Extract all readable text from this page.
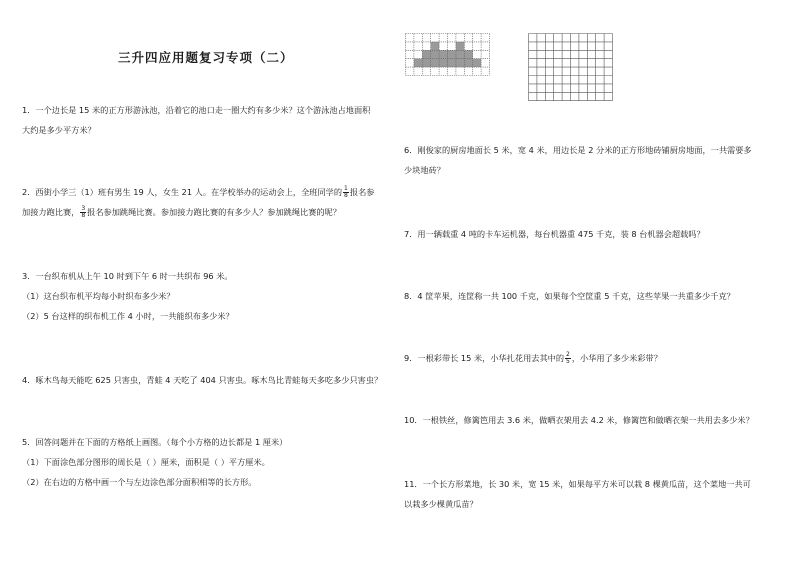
三升四应用题复习专项（二）
1．一个边长是 15 米的正方形游泳池，沿着它的池口走一圈大约有多少米？这个游泳池占地面积
大约是多少平方米？
2．西街小学三（1）班有男生 19 人，女生 21 人。在学校举办的运动会上，全班同学的 $\frac{1}{8}$ 报名参
加接力跑比赛， $\frac{3}{8}$ 报名参加跳绳比赛。参加接力跑比赛的有多少人？参加跳绳比赛的呢？
3．一台织布机从上午 10 时到下午 6 时一共织布 96 米。
（1）这台织布机平均每小时织布多少米？
（2）5 台这样的织布机工作 4 小时，一共能织布多少米？
4．啄木鸟每天能吃 625 只害虫，青蛙 4 天吃了 404 只害虫。啄木鸟比青蛙每天多吃多少只害虫？
5．回答问题并在下面的方格纸上画图。（每个小方格的边长都是 1 厘米）
（1）下面涂色部分图形的周长是（ ）厘米，面积是（ ）平方厘米。
（2）在右边的方格中画一个与左边涂色部分面积相等的长方形。
6．刚俊家的厨房地面长 5 米，宽 4 米，用边长是 2 分米的正方形地砖铺厨房地面，一共需要多
少块地砖？
7．用一辆载重 4 吨的卡车运机器，每台机器重 475 千克，装 8 台机器会超载吗？
8．4 筐苹果，连筐称一共 100 千克，如果每个空筐重 5 千克，这些苹果一共重多少千克？
9．一根彩带长 15 米，小华扎花用去其中的 $\frac{2}{5}$ ，小华用了多少米彩带？
10．一根铁丝，修篱笆用去 3.6 米，做晒衣架用去 4.2 米，修篱笆和做晒衣架一共用去多少米？
11．一个长方形菜地，长 30 米，宽 15 米，如果每平方米可以栽 8 棵黄瓜苗，这个菜地一共可
以栽多少棵黄瓜苗？
